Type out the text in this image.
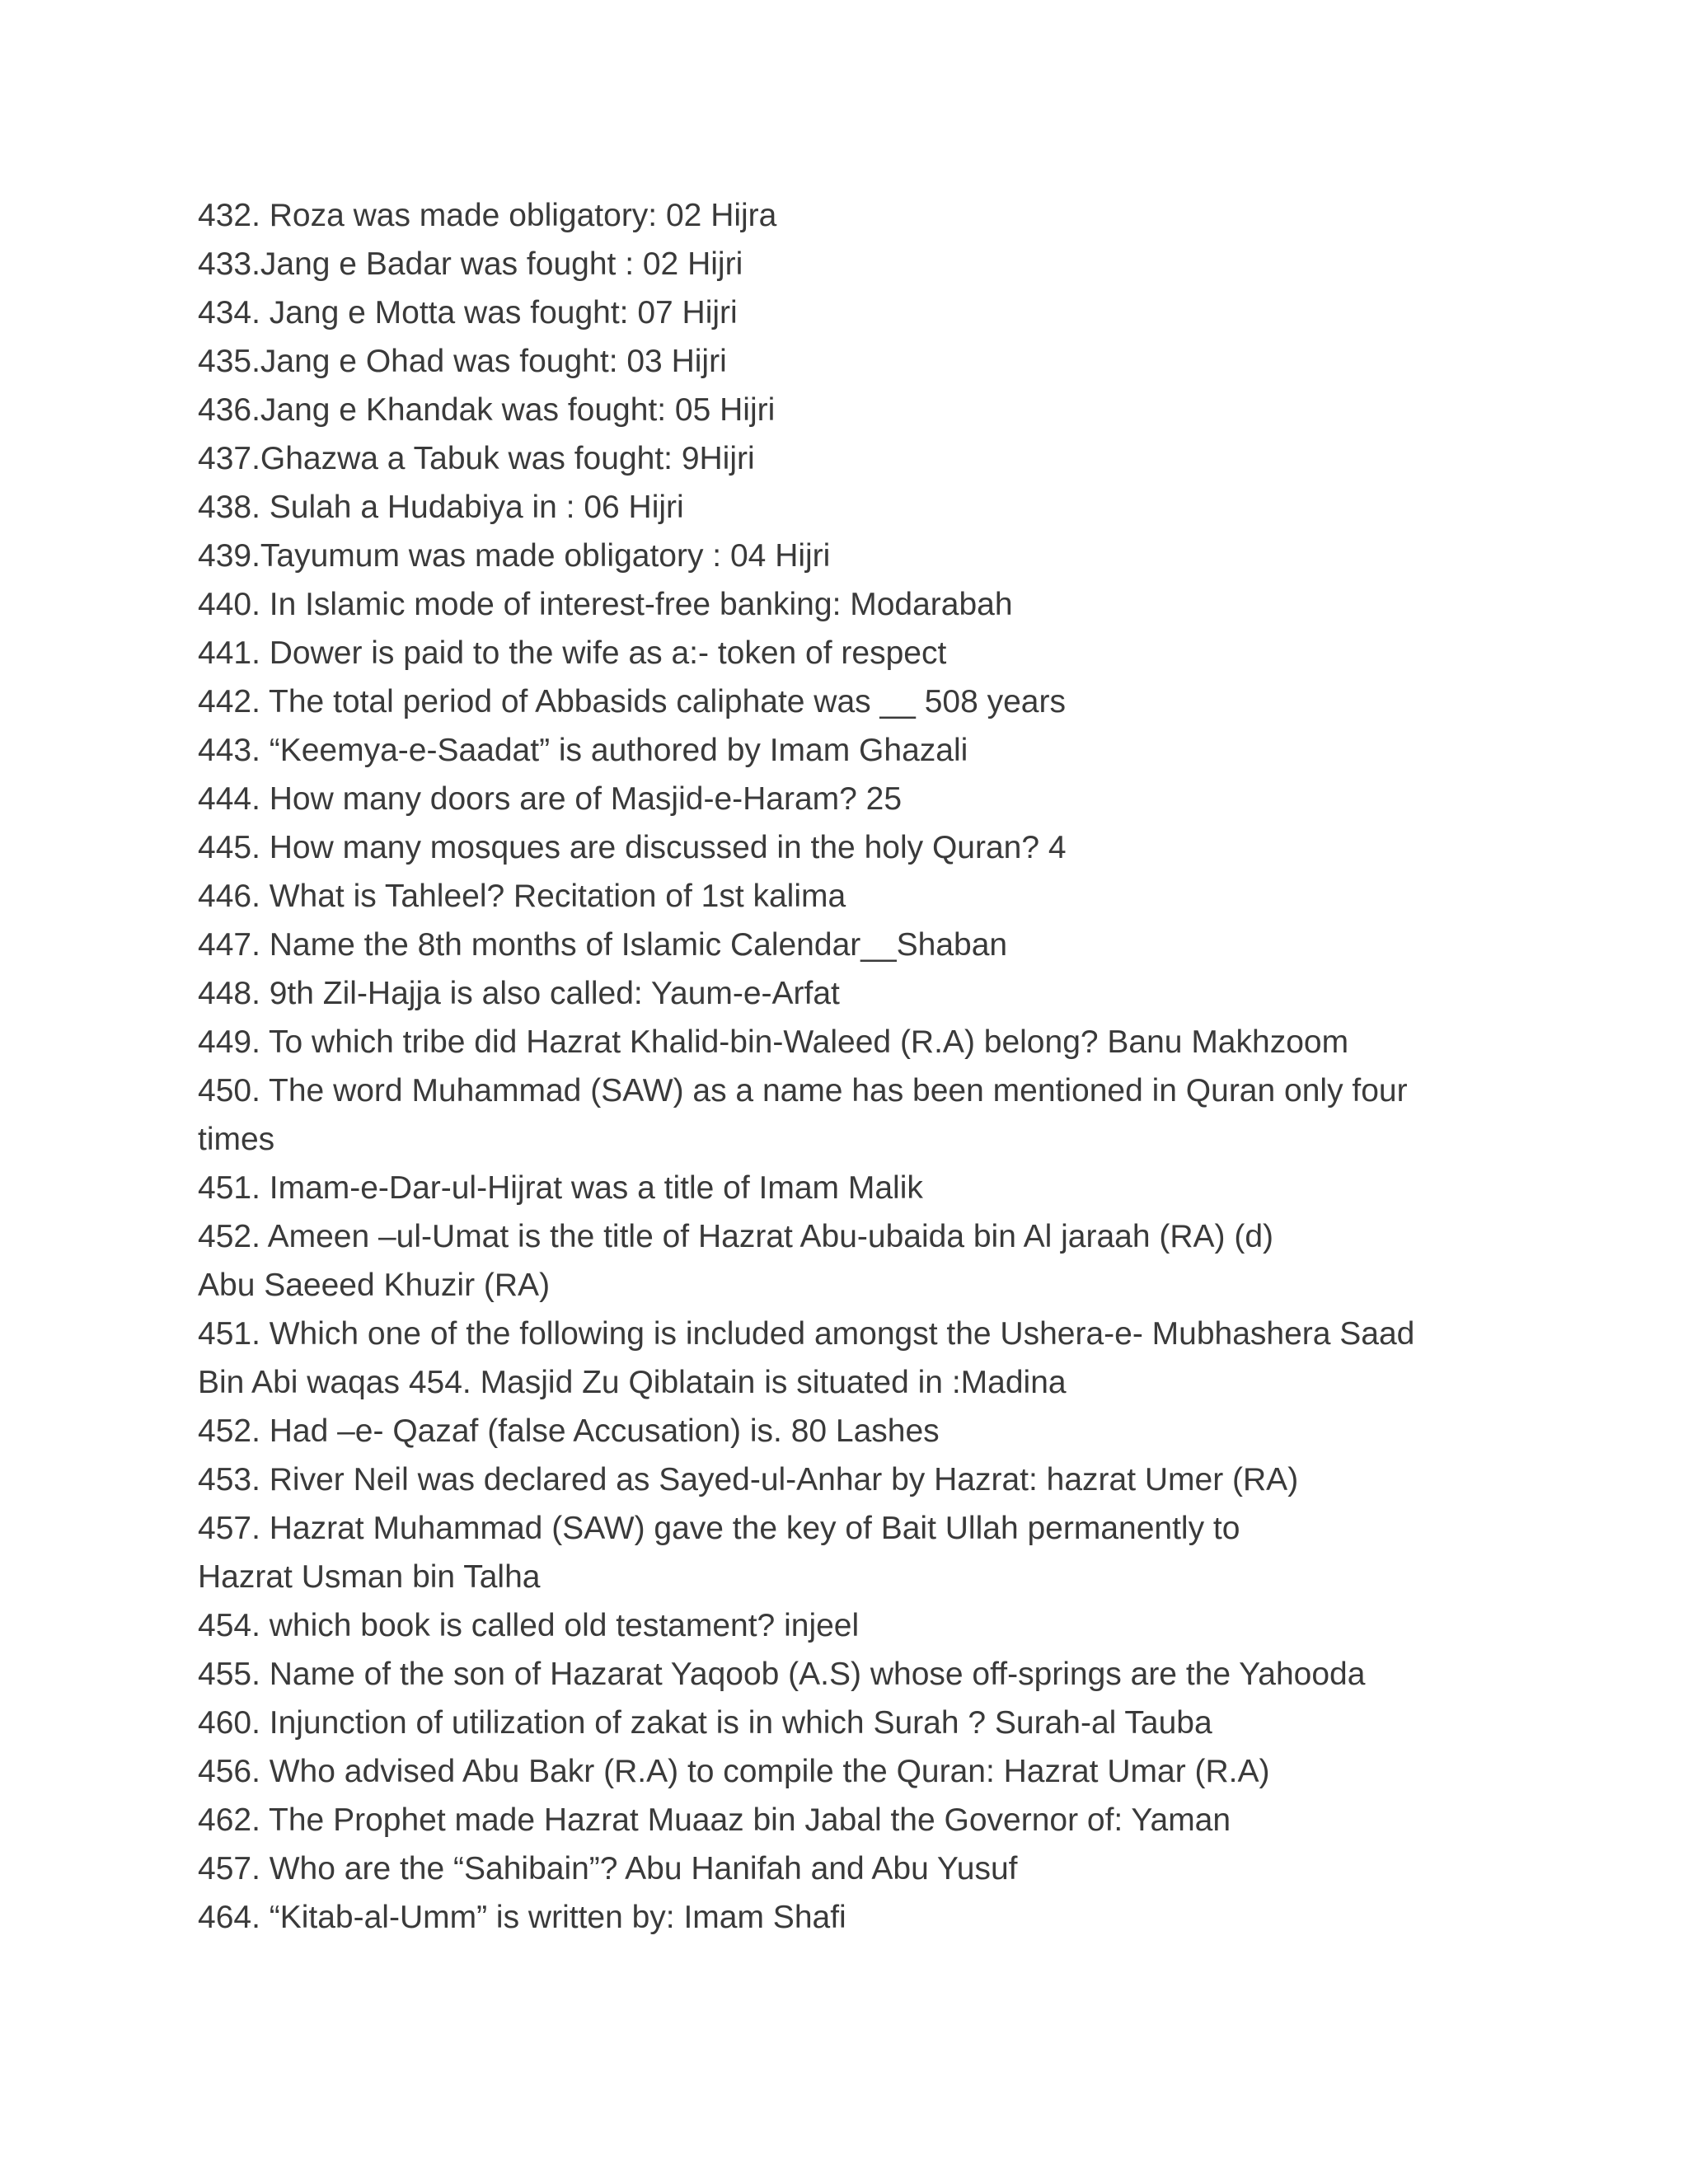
432. Roza was made obligatory: 02 Hijra
433.Jang e Badar was fought : 02 Hijri
434. Jang e Motta was fought: 07 Hijri
435.Jang e Ohad was fought: 03 Hijri
436.Jang e Khandak was fought: 05 Hijri
437.Ghazwa a Tabuk was fought: 9Hijri
438. Sulah a Hudabiya in : 06 Hijri
439.Tayumum was made obligatory : 04 Hijri
440. In Islamic mode of interest-free banking: Modarabah
441. Dower is paid to the wife as a:- token of respect
442. The total period of Abbasids caliphate was __ 508 years
443. “Keemya-e-Saadat” is authored by Imam Ghazali
444. How many doors are of Masjid-e-Haram? 25
445. How many mosques are discussed in the holy Quran? 4
446. What is Tahleel? Recitation of 1st kalima
447. Name the 8th months of Islamic Calendar__Shaban
448. 9th Zil-Hajja is also called: Yaum-e-Arfat
449. To which tribe did Hazrat Khalid-bin-Waleed (R.A) belong? Banu Makhzoom
450. The word Muhammad (SAW) as a name has been mentioned in Quran only four
times
451. Imam-e-Dar-ul-Hijrat was a title of Imam Malik
452. Ameen –ul-Umat is the title of Hazrat Abu-ubaida bin Al jaraah (RA) (d)
Abu Saeeed Khuzir (RA)
451. Which one of the following is included amongst the Ushera-e- Mubhashera Saad
Bin Abi waqas 454. Masjid Zu Qiblatain is situated in :Madina
452. Had –e- Qazaf (false Accusation) is. 80 Lashes
453. River Neil was declared as Sayed-ul-Anhar by Hazrat: hazrat Umer (RA)
457. Hazrat Muhammad (SAW) gave the key of Bait Ullah permanently to
Hazrat Usman bin Talha
454. which book is called old testament? injeel
455. Name of the son of Hazarat Yaqoob (A.S) whose off-springs are the Yahooda
460. Injunction of utilization of zakat is in which Surah ? Surah-al Tauba
456. Who advised Abu Bakr (R.A) to compile the Quran: Hazrat Umar (R.A)
462. The Prophet made Hazrat Muaaz bin Jabal the Governor of: Yaman
457. Who are the “Sahibain”? Abu Hanifah and Abu Yusuf
464. “Kitab-al-Umm” is written by: Imam Shafi
